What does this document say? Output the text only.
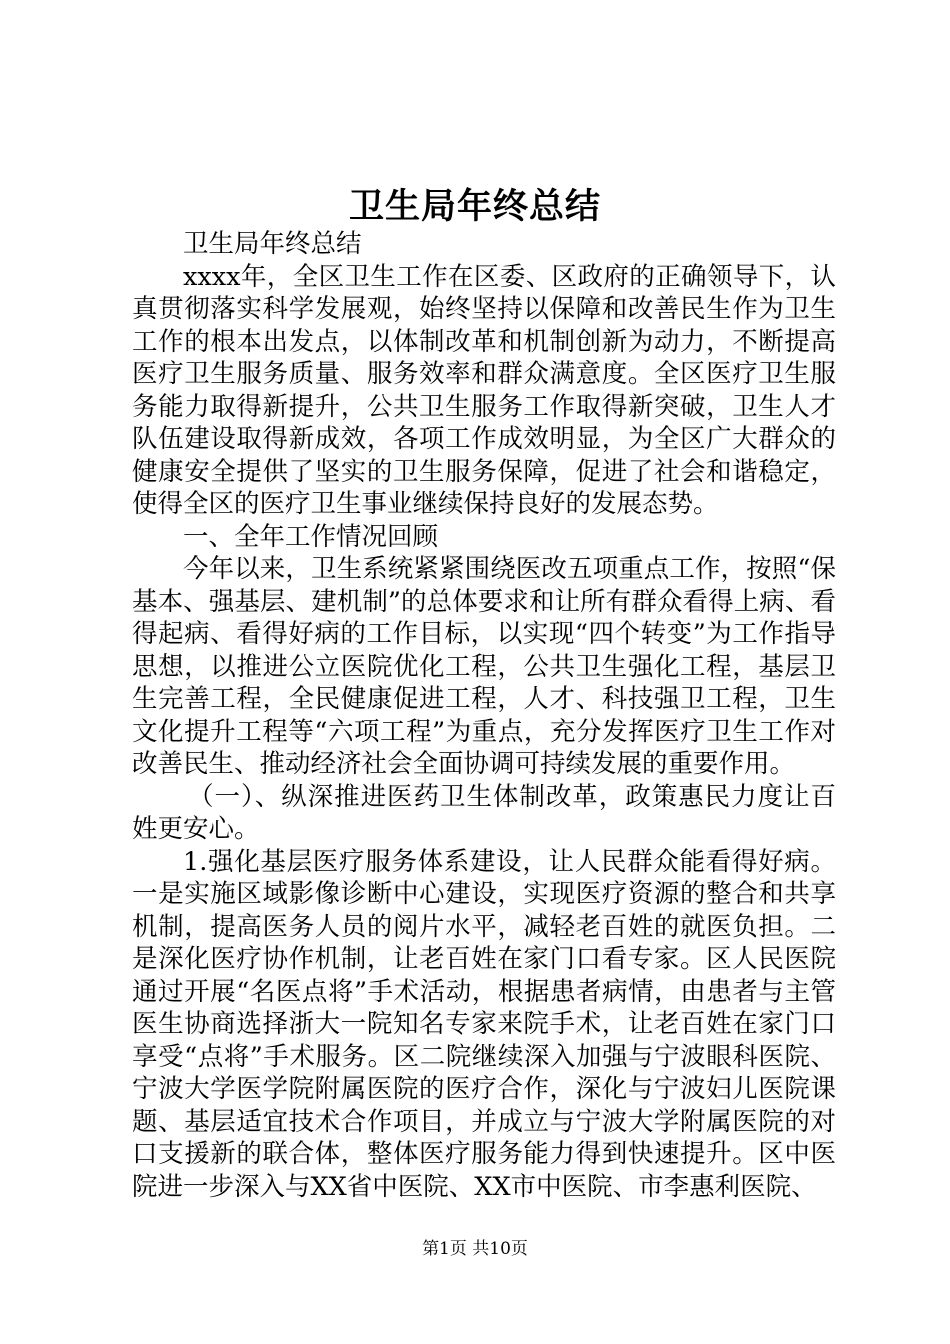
卫生局年终总结

卫生局年终总结

xxxx年，全区卫生工作在区委、区政府的正确领导下，认真贯彻落实科学发展观，始终坚持以保障和改善民生作为卫生工作的根本出发点，以体制改革和机制创新为动力，不断提高医疗卫生服务质量、服务效率和群众满意度。全区医疗卫生服务能力取得新提升，公共卫生服务工作取得新突破，卫生人才队伍建设取得新成效，各项工作成效明显，为全区广大群众的健康安全提供了坚实的卫生服务保障，促进了社会和谐稳定，使得全区的医疗卫生事业继续保持良好的发展态势。

一、全年工作情况回顾

今年以来，卫生系统紧紧围绕医改五项重点工作，按照“保基本、强基层、建机制”的总体要求和让所有群众看得上病、看得起病、看得好病的工作目标，以实现“四个转变”为工作指导思想，以推进公立医院优化工程，公共卫生强化工程，基层卫生完善工程，全民健康促进工程，人才、科技强卫工程，卫生文化提升工程等“六项工程”为重点，充分发挥医疗卫生工作对改善民生、推动经济社会全面协调可持续发展的重要作用。

（一）、纵深推进医药卫生体制改革，政策惠民力度让百姓更安心。

1.强化基层医疗服务体系建设，让人民群众能看得好病。一是实施区域影像诊断中心建设，实现医疗资源的整合和共享机制，提高医务人员的阅片水平，减轻老百姓的就医负担。二是深化医疗协作机制，让老百姓在家门口看专家。区人民医院通过开展“名医点将”手术活动，根据患者病情，由患者与主管医生协商选择浙大一院知名专家来院手术，让老百姓在家门口享受“点将”手术服务。区二院继续深入加强与宁波眼科医院、宁波大学医学院附属医院的医疗合作，深化与宁波妇儿医院课题、基层适宜技术合作项目，并成立与宁波大学附属医院的对口支援新的联合体，整体医疗服务能力得到快速提升。区中医院进一步深入与XX省中医院、XX市中医院、市李惠利医院、

第1页 共10页
